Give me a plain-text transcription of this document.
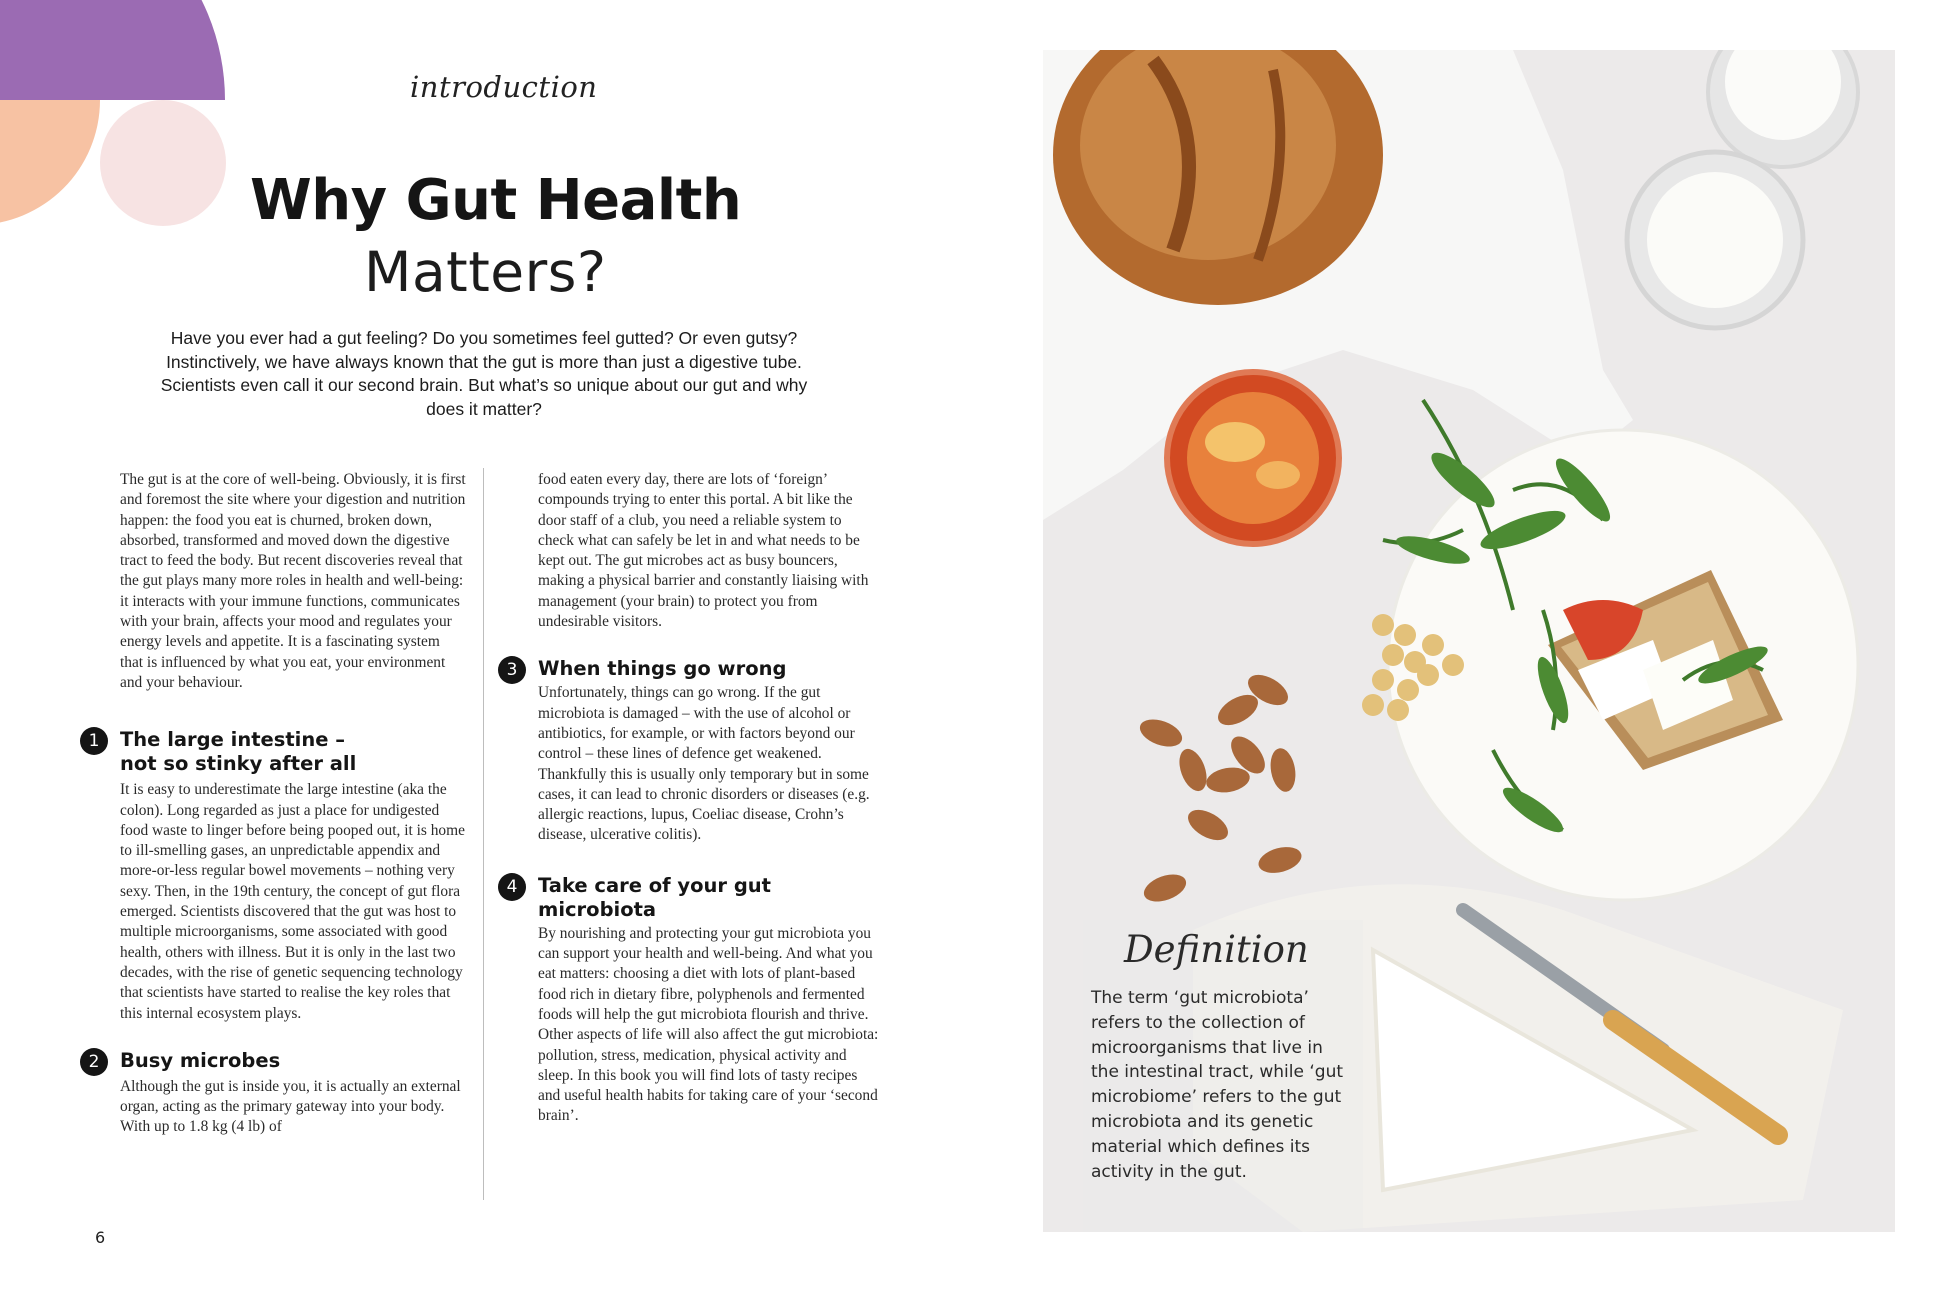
introduction
Why Gut Health
Matters?
Have you ever had a gut feeling? Do you sometimes feel gutted? Or even gutsy? Instinctively, we have always known that the gut is more than just a digestive tube. Scientists even call it our second brain. But what’s so unique about our gut and why does it matter?

The gut is at the core of well-being. Obviously, it is first and foremost the site where your digestion and nutrition happen: the food you eat is churned, broken down, absorbed, transformed and moved down the digestive tract to feed the body. But recent discoveries reveal that the gut plays many more roles in health and well-being: it interacts with your immune functions, communicates with your brain, affects your mood and regulates your energy levels and appetite. It is a fascinating system that is influenced by what you eat, your environment and your behaviour.

1	The large intestine – not so stinky after all

It is easy to underestimate the large intestine (aka the colon). Long regarded as just a place for undigested food waste to linger before being pooped out, it is home to ill-smelling gases, an unpredictable appendix and more-or-less regular bowel movements – nothing very sexy. Then, in the 19th century, the concept of gut flora emerged. Scientists discovered that the gut was host to multiple microorganisms, some associated with good health, others with illness. But it is only in the last two decades, with the rise of genetic sequencing technology that scientists have started to realise the key roles that this internal ecosystem plays.

2	Busy microbes

Although the gut is inside you, it is actually an external organ, acting as the primary gateway into your body. With up to 1.8 kg (4 lb) of

food eaten every day, there are lots of ‘foreign’ compounds trying to enter this portal. A bit like the door staff of a club, you need a reliable system to check what can safely be let in and what needs to be kept out. The gut microbes act as busy bouncers, making a physical barrier and constantly liaising with management (your brain) to protect you from undesirable visitors.

3	When things go wrong

Unfortunately, things can go wrong. If the gut microbiota is damaged – with the use of alcohol or antibiotics, for example, or with factors beyond our control – these lines of defence get weakened. Thankfully this is usually only temporary but in some cases, it can lead to chronic disorders or diseases (e.g. allergic reactions, lupus, Coeliac disease, Crohn’s disease, ulcerative colitis).

4	Take care of your gut microbiota

By nourishing and protecting your gut microbiota you can support your health and well-being. And what you eat matters: choosing a diet with lots of plant-based food rich in dietary fibre, polyphenols and fermented foods will help the gut microbiota flourish and thrive. Other aspects of life will also affect the gut microbiota: pollution, stress, medication, physical activity and sleep. In this book you will find lots of tasty recipes and useful health habits for taking care of your ‘second brain’.

6
Definition
The term ‘gut microbiota’ refers to the collection of microorganisms that live in the intestinal tract, while ‘gut microbiome’ refers to the gut microbiota and its genetic material which defines its activity in the gut.
